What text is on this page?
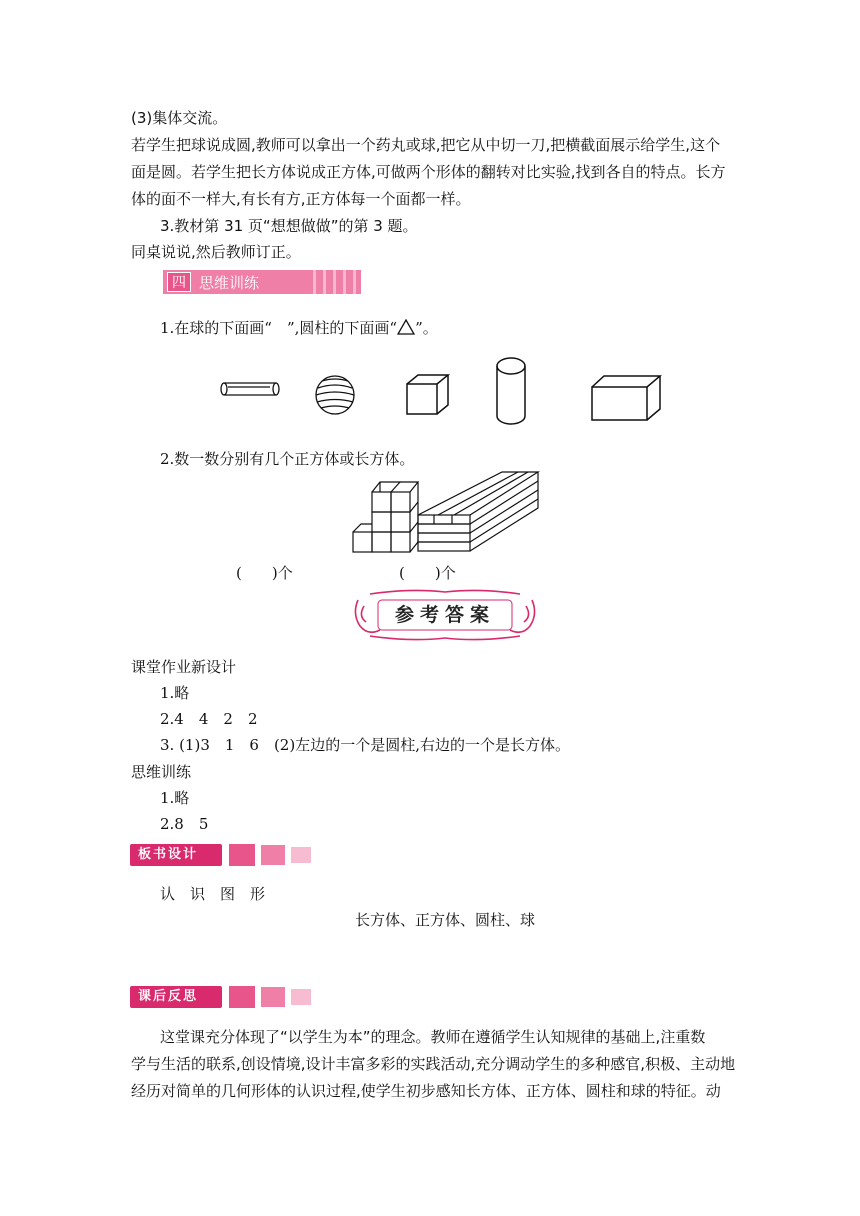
(3)集体交流。
若学生把球说成圆,教师可以拿出一个药丸或球,把它从中切一刀,把横截面展示给学生,这个
面是圆。若学生把长方体说成正方体,可做两个形体的翻转对比实验,找到各自的特点。长方
体的面不一样大,有长有方,正方体每一个面都一样。
3.教材第 31 页“想想做做”的第 3 题。
同桌说说,然后教师订正。
四 思维训练
1.在球的下面画“　”,圆柱的下面画“ ”。
2.数一数分别有几个正方体或长方体。
(　　)个	(　　)个
参考答案
课堂作业新设计
1.略
2.4　4　2　2
3. (1)3　1　6　(2)左边的一个是圆柱,右边的一个是长方体。
思维训练
1.略
2.8　5
板书设计
认　识　图　形
长方体、正方体、圆柱、球
课后反思
这堂课充分体现了“以学生为本”的理念。教师在遵循学生认知规律的基础上,注重数
学与生活的联系,创设情境,设计丰富多彩的实践活动,充分调动学生的多种感官,积极、主动地
经历对简单的几何形体的认识过程,使学生初步感知长方体、正方体、圆柱和球的特征。动
